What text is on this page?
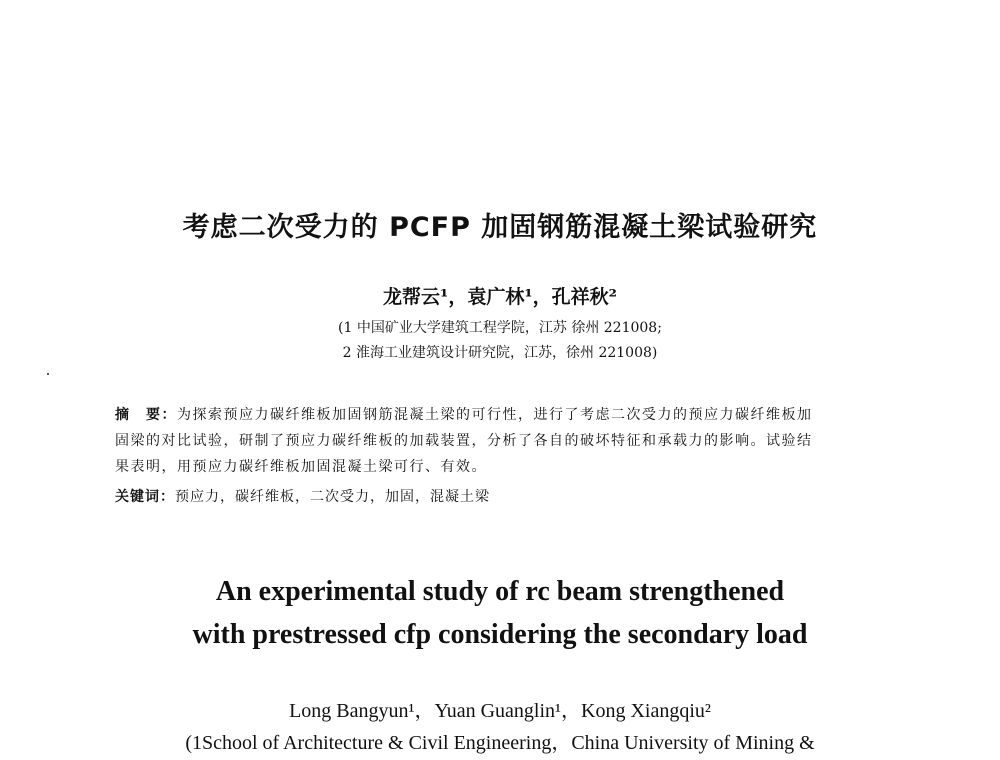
考虑二次受力的 PCFP 加固钢筋混凝土梁试验研究
龙帮云¹，袁广林¹，孔祥秋²
(1 中国矿业大学建筑工程学院，江苏 徐州 221008;
2 淮海工业建筑设计研究院，江苏，徐州 221008)
摘　要：为探索预应力碳纤维板加固钢筋混凝土梁的可行性，进行了考虑二次受力的预应力碳纤维板加
固梁的对比试验，研制了预应力碳纤维板的加载装置，分析了各自的破坏特征和承载力的影响。试验结
果表明，用预应力碳纤维板加固混凝土梁可行、有效。
关键词：预应力，碳纤维板，二次受力，加固，混凝土梁
An experimental study of rc beam strengthened
with prestressed cfp considering the secondary load
Long Bangyun¹，Yuan Guanglin¹，Kong Xiangqiu²
(1School of Architecture & Civil Engineering，China University of Mining &
